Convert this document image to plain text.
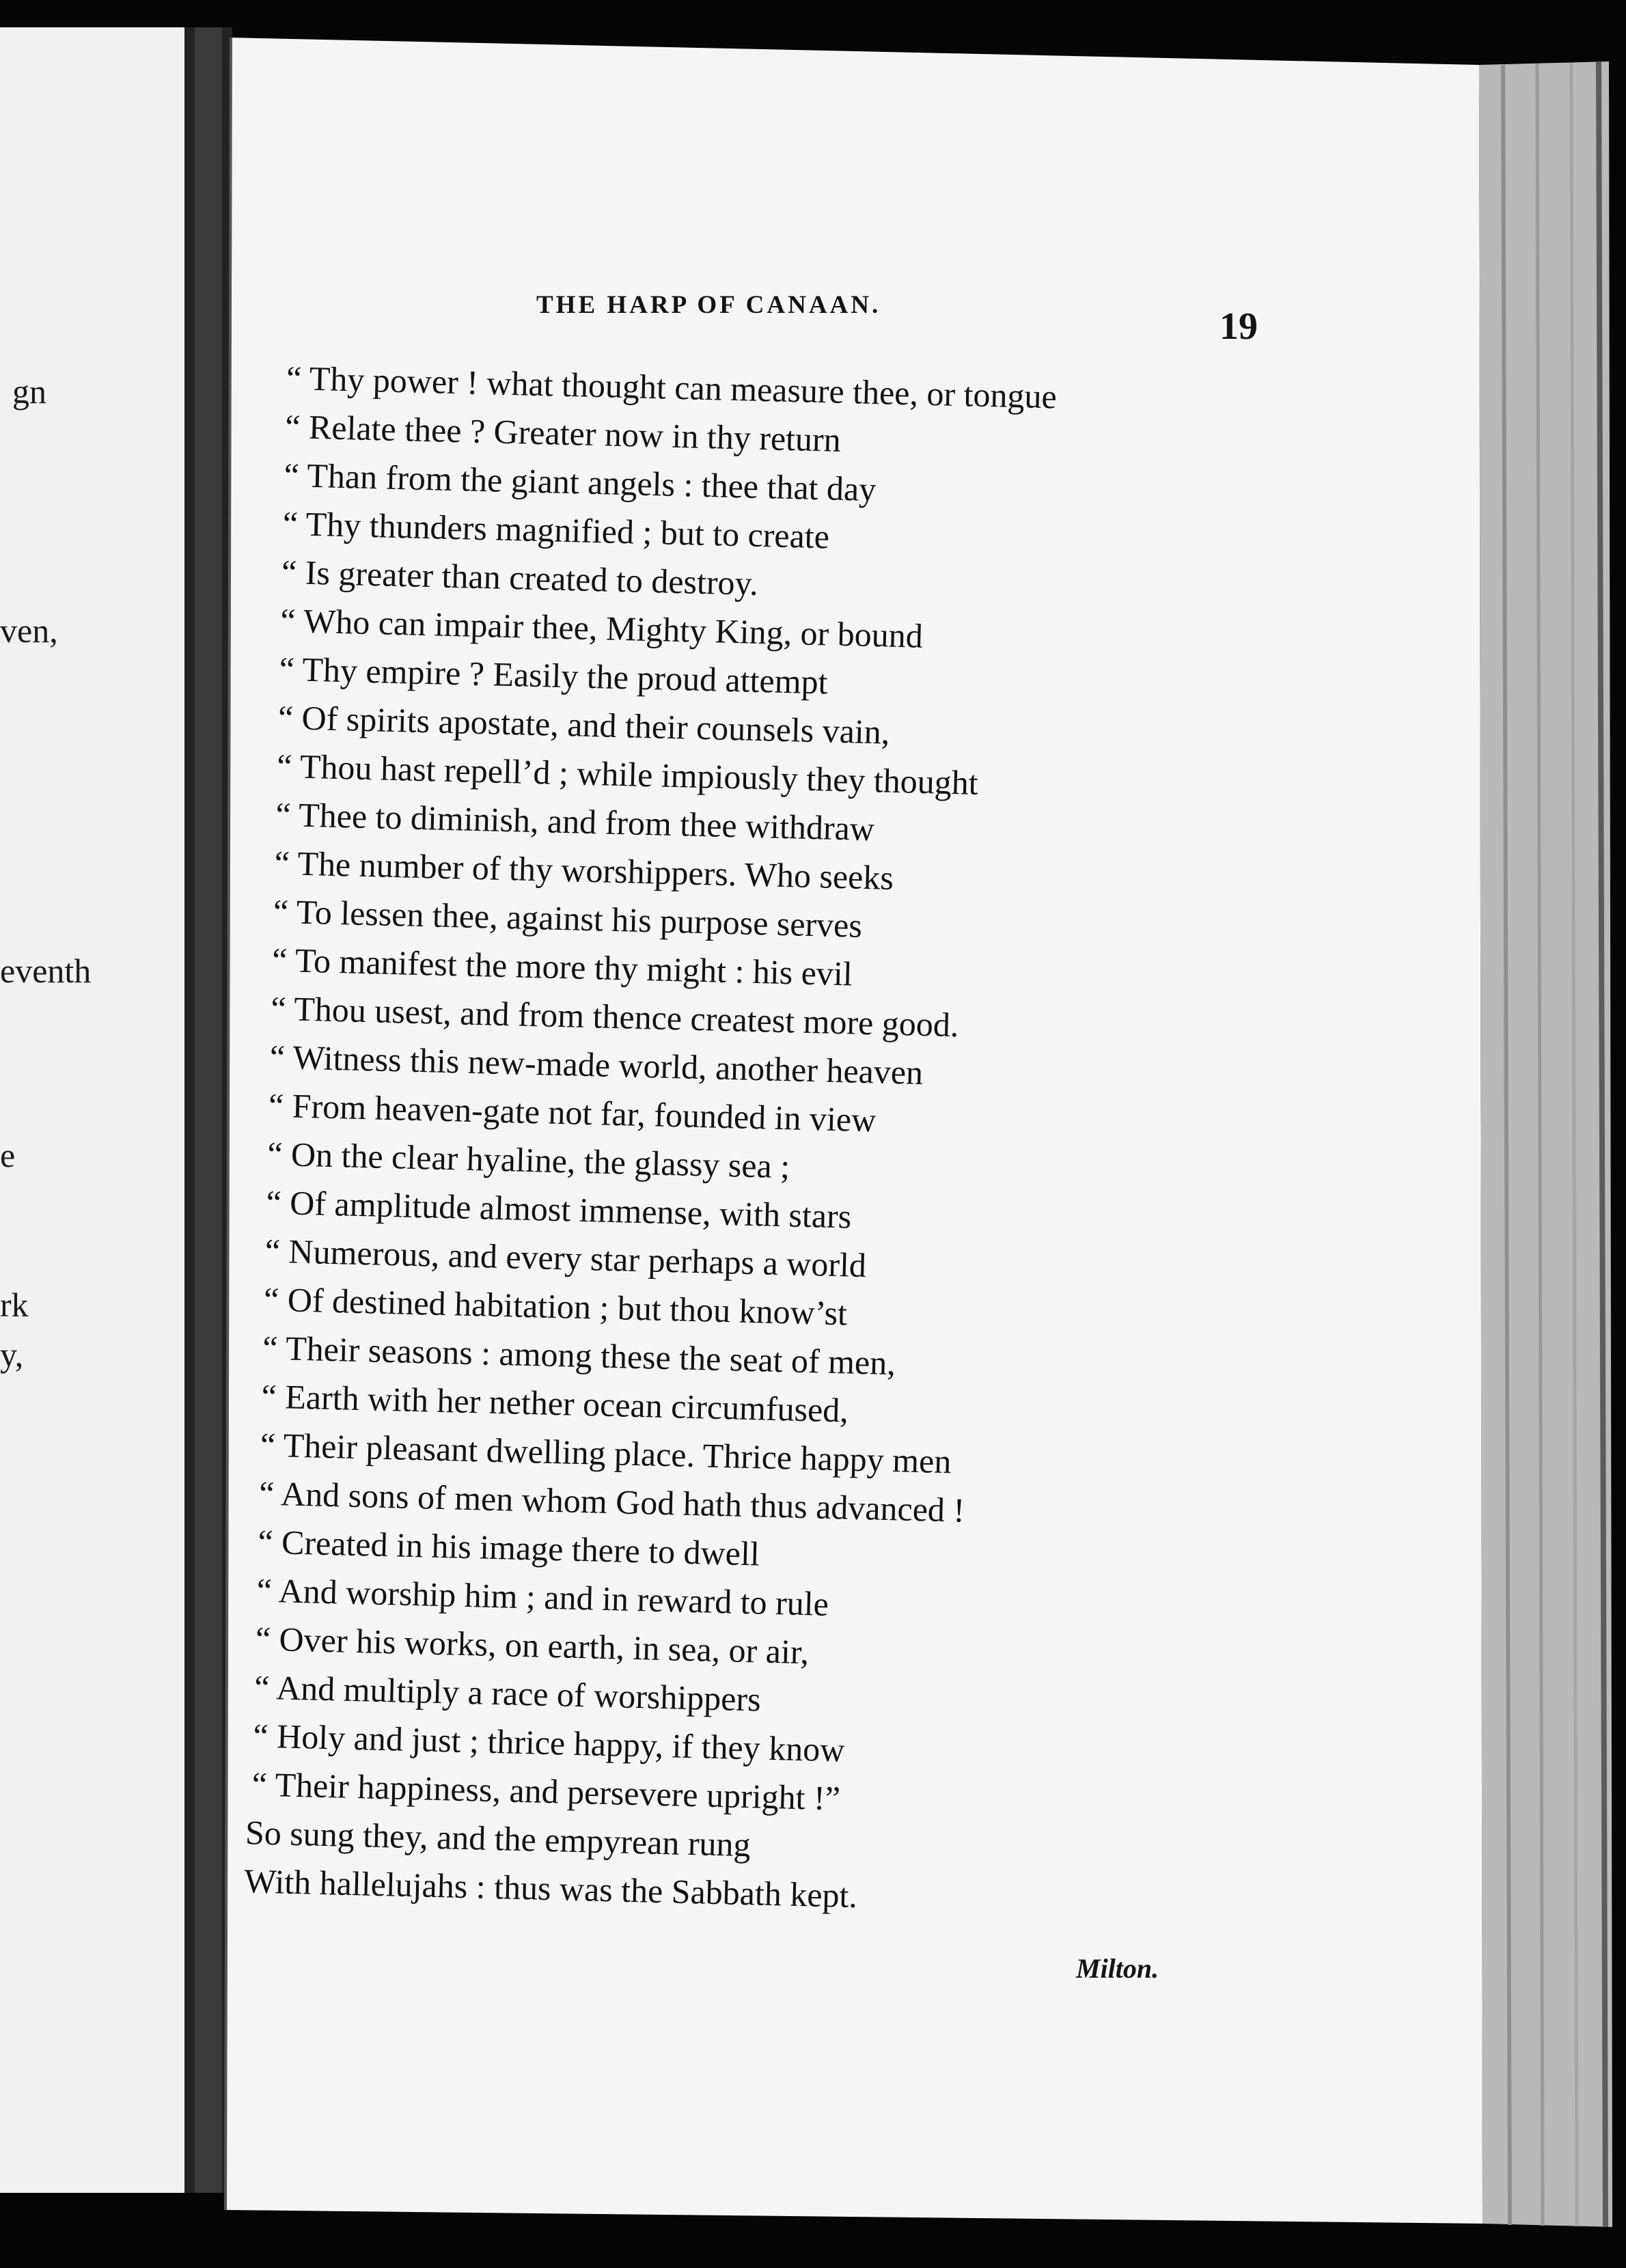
gn
ven,
eventh
e
rk
y,
THE HARP OF CANAAN.
19
“ Thy power ! what thought can measure thee, or tongue
“ Relate thee ? Greater now in thy return
“ Than from the giant angels : thee that day
“ Thy thunders magnified ; but to create
“ Is greater than created to destroy.
“ Who can impair thee, Mighty King, or bound
“ Thy empire ? Easily the proud attempt
“ Of spirits apostate, and their counsels vain,
“ Thou hast repell’d ; while impiously they thought
“ Thee to diminish, and from thee withdraw
“ The number of thy worshippers. Who seeks
“ To lessen thee, against his purpose serves
“ To manifest the more thy might : his evil
“ Thou usest, and from thence createst more good.
“ Witness this new-made world, another heaven
“ From heaven-gate not far, founded in view
“ On the clear hyaline, the glassy sea ;
“ Of amplitude almost immense, with stars
“ Numerous, and every star perhaps a world
“ Of destined habitation ; but thou know’st
“ Their seasons : among these the seat of men,
“ Earth with her nether ocean circumfused,
“ Their pleasant dwelling place. Thrice happy men
“ And sons of men whom God hath thus advanced !
“ Created in his image there to dwell
“ And worship him ; and in reward to rule
“ Over his works, on earth, in sea, or air,
“ And multiply a race of worshippers
“ Holy and just ; thrice happy, if they know
“ Their happiness, and persevere upright !”
So sung they, and the empyrean rung
With hallelujahs : thus was the Sabbath kept.
Milton.
